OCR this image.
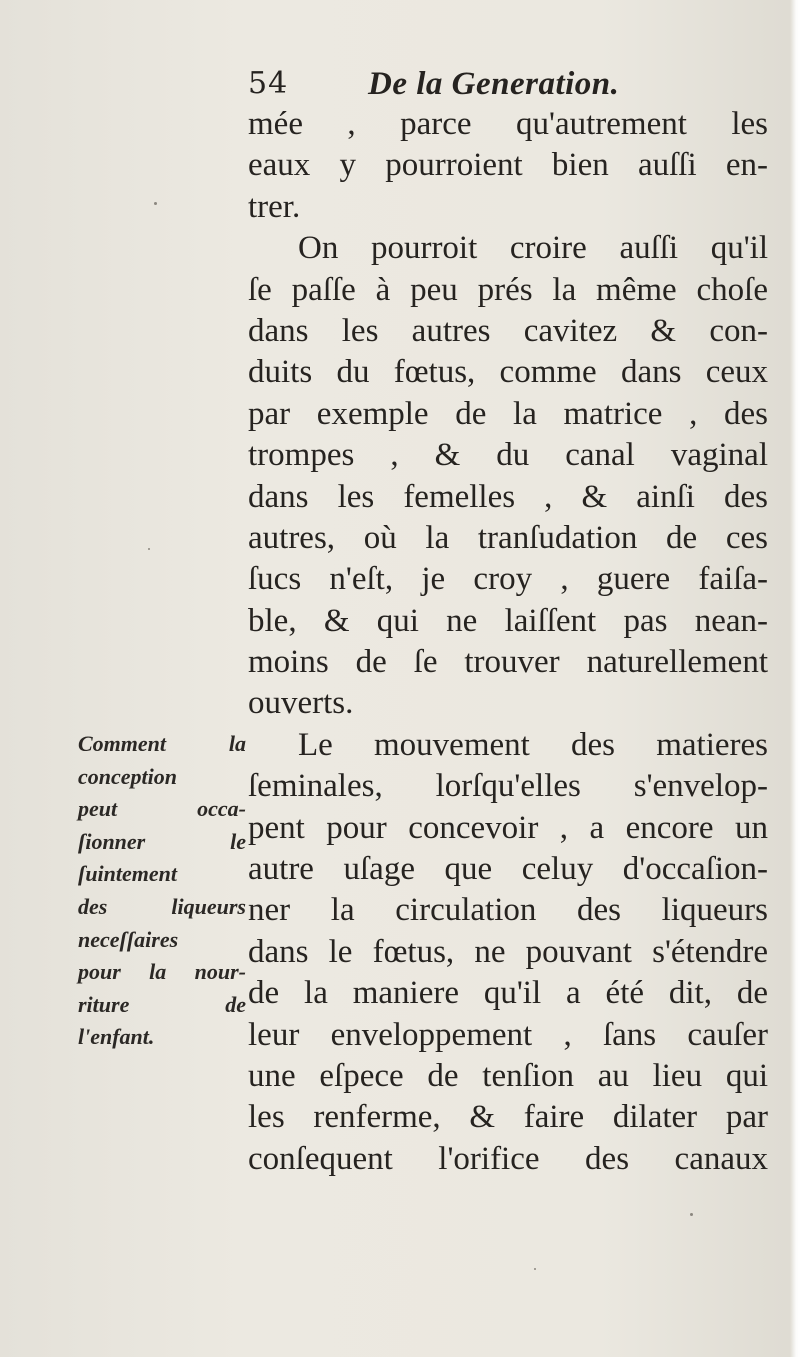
54 De la Generation.
mée , parce qu'autrement les
eaux y pourroient bien auſſi en-
trer.
On pourroit croire auſſi qu'il
ſe paſſe à peu prés la même choſe
dans les autres cavitez & con-
duits du fœtus, comme dans ceux
par exemple de la matrice , des
trompes , & du canal vaginal
dans les femelles , & ainſi des
autres, où la tranſudation de ces
ſucs n'eſt, je croy , guere faiſa-
ble, & qui ne laiſſent pas nean-
moins de ſe trouver naturellement
ouverts.
Le mouvement des matieres
ſeminales, lorſqu'elles s'envelop-
pent pour concevoir , a encore un
autre uſage que celuy d'occaſion-
ner la circulation des liqueurs
dans le fœtus, ne pouvant s'étendre
de la maniere qu'il a été dit, de
leur enveloppement , ſans cauſer
une eſpece de tenſion au lieu qui
les renferme, & faire dilater par
conſequent l'orifice des canaux
Comment la
conception
peut occa-
ſionner le
ſuintement
des liqueurs
neceſſaires
pour la nour-
riture de
l'enfant.
